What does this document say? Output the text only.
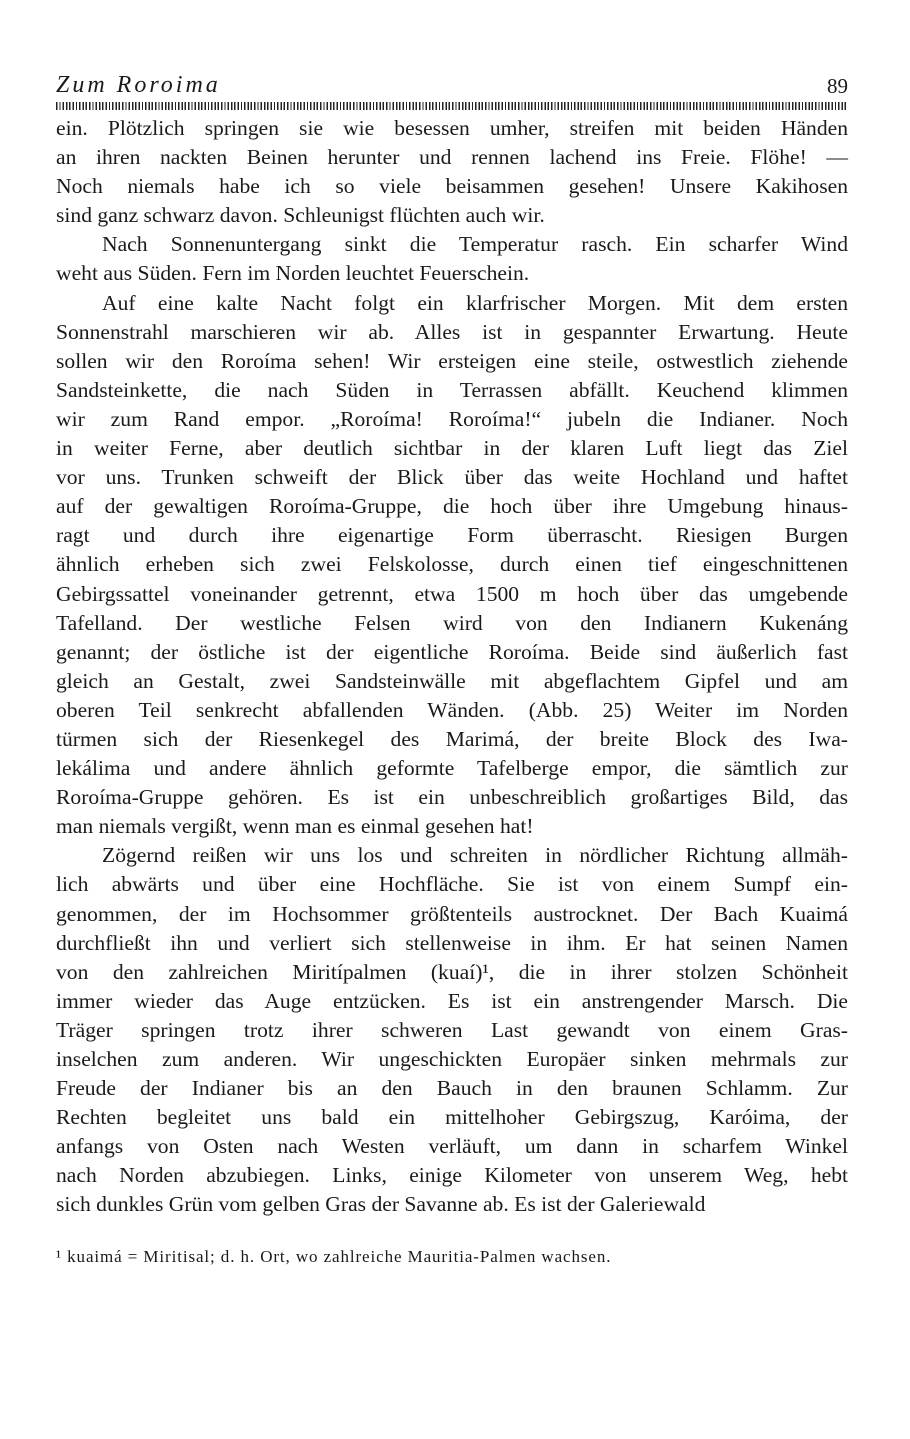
Zum Roroima	89
ein. Plötzlich springen sie wie besessen umher, streifen mit beiden Händen
an ihren nackten Beinen herunter und rennen lachend ins Freie. Flöhe! —
Noch niemals habe ich so viele beisammen gesehen! Unsere Kakihosen
sind ganz schwarz davon. Schleunigst flüchten auch wir.
Nach Sonnenuntergang sinkt die Temperatur rasch. Ein scharfer Wind
weht aus Süden. Fern im Norden leuchtet Feuerschein.
Auf eine kalte Nacht folgt ein klarfrischer Morgen. Mit dem ersten
Sonnenstrahl marschieren wir ab. Alles ist in gespannter Erwartung. Heute
sollen wir den Roroíma sehen! Wir ersteigen eine steile, ostwestlich ziehende
Sandsteinkette, die nach Süden in Terrassen abfällt. Keuchend klimmen
wir zum Rand empor. „Roroíma! Roroíma!“ jubeln die Indianer. Noch
in weiter Ferne, aber deutlich sichtbar in der klaren Luft liegt das Ziel
vor uns. Trunken schweift der Blick über das weite Hochland und haftet
auf der gewaltigen Roroíma-Gruppe, die hoch über ihre Umgebung hinaus-
ragt und durch ihre eigenartige Form überrascht. Riesigen Burgen
ähnlich erheben sich zwei Felskolosse, durch einen tief eingeschnittenen
Gebirgssattel voneinander getrennt, etwa 1500 m hoch über das umgebende
Tafelland. Der westliche Felsen wird von den Indianern Kukenáng
genannt; der östliche ist der eigentliche Roroíma. Beide sind äußerlich fast
gleich an Gestalt, zwei Sandsteinwälle mit abgeflachtem Gipfel und am
oberen Teil senkrecht abfallenden Wänden. (Abb. 25) Weiter im Norden
türmen sich der Riesenkegel des Marimá, der breite Block des Iwa-
lekálima und andere ähnlich geformte Tafelberge empor, die sämtlich zur
Roroíma-Gruppe gehören. Es ist ein unbeschreiblich großartiges Bild, das
man niemals vergißt, wenn man es einmal gesehen hat!
Zögernd reißen wir uns los und schreiten in nördlicher Richtung allmäh-
lich abwärts und über eine Hochfläche. Sie ist von einem Sumpf ein-
genommen, der im Hochsommer größtenteils austrocknet. Der Bach Kuaimá
durchfließt ihn und verliert sich stellenweise in ihm. Er hat seinen Namen
von den zahlreichen Miritípalmen (kuaí)¹, die in ihrer stolzen Schönheit
immer wieder das Auge entzücken. Es ist ein anstrengender Marsch. Die
Träger springen trotz ihrer schweren Last gewandt von einem Gras-
inselchen zum anderen. Wir ungeschickten Europäer sinken mehrmals zur
Freude der Indianer bis an den Bauch in den braunen Schlamm. Zur
Rechten begleitet uns bald ein mittelhoher Gebirgszug, Karóima, der
anfangs von Osten nach Westen verläuft, um dann in scharfem Winkel
nach Norden abzubiegen. Links, einige Kilometer von unserem Weg, hebt
sich dunkles Grün vom gelben Gras der Savanne ab. Es ist der Galeriewald
¹ kuaimá = Miritisal; d. h. Ort, wo zahlreiche Mauritia-Palmen wachsen.
